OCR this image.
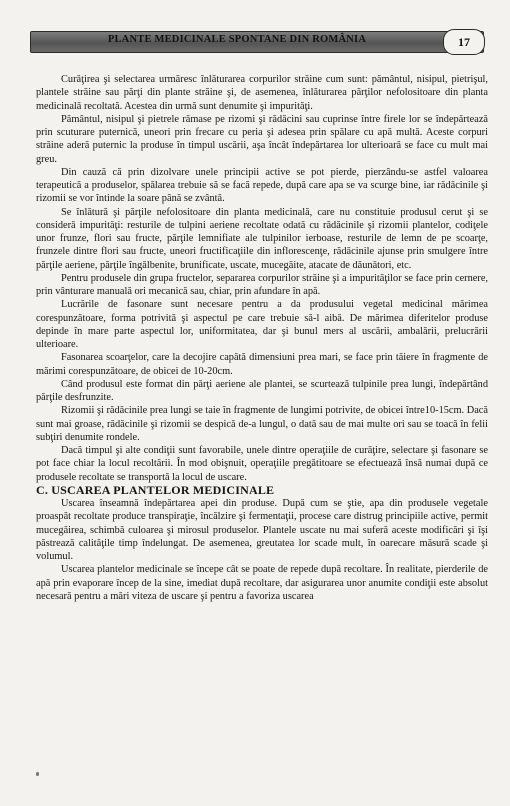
PLANTE MEDICINALE SPONTANE DIN ROMÂNIA	17

Curăţirea şi selectarea urmăresc înlăturarea corpurilor străine cum sunt: pământul, nisipul, pietrişul, plantele străine sau părţi din plante străine şi, de asemenea, înlăturarea părţilor nefolositoare din planta medicinală recoltată. Acestea din urmă sunt denumite şi impurităţi.

Pământul, nisipul şi pietrele rămase pe rizomi şi rădăcini sau cuprinse între firele lor se îndepărtează prin scuturare puternică, uneori prin frecare cu peria şi adesea prin spălare cu apă multă. Aceste corpuri străine aderă puternic la produse în timpul uscării, aşa încât îndepărtarea lor ulterioară se face cu mult mai greu.

Din cauză că prin dizolvare unele principii active se pot pierde, pierzându-se astfel valoarea terapeutică a produselor, spălarea trebuie să se facă repede, după care apa se va scurge bine, iar rădăcinile şi rizomii se vor întinde la soare până se zvântă.

Se înlătură şi părţile nefolositoare din planta medicinală, care nu constituie produsul cerut şi se consideră impurităţi: resturile de tulpini aeriene recoltate odată cu rădăcinile şi rizomii plantelor, codiţele unor frunze, flori sau fructe, părţile lemnifiate ale tulpinilor ierboase, resturile de lemn de pe scoarţe, frunzele dintre flori sau fructe, uneori fructificaţiile din inflorescenţe, rădăcinile ajunse prin smulgere între părţile aeriene, părţile îngălbenite, brunificate, uscate, mucegăite, atacate de dăunători, etc.

Pentru produsele din grupa fructelor, separarea corpurilor străine şi a impurităţilor se face prin cernere, prin vânturare manuală ori mecanică sau, chiar, prin afundare în apă.

Lucrările de fasonare sunt necesare pentru a da produsului vegetal medicinal mărimea corespunzătoare, forma potrivită şi aspectul pe care trebuie să-l aibă. De mărimea diferitelor produse depinde în mare parte aspectul lor, uniformitatea, dar şi bunul mers al uscării, ambalării, prelucrării ulterioare.

Fasonarea scoarţelor, care la decojire capătă dimensiuni prea mari, se face prin tăiere în fragmente de mărimi corespunzătoare, de obicei de 10-20cm.

Când produsul este format din părţi aeriene ale plantei, se scurtează tulpinile prea lungi, îndepărtând părţile desfrunzite.

Rizomii şi rădăcinile prea lungi se taie în fragmente de lungimi potrivite, de obicei între10-15cm. Dacă sunt mai groase, rădăcinile şi rizomii se despică de-a lungul, o dată sau de mai multe ori sau se toacă în felii subţiri denumite rondele.

Dacă timpul şi alte condiţii sunt favorabile, unele dintre operaţiile de curăţire, selectare şi fasonare se pot face chiar la locul recoltării. În mod obişnuit, operaţiile pregătitoare se efectuează însă numai după ce produsele recoltate se transportă la locul de uscare.

C. USCAREA PLANTELOR MEDICINALE

Uscarea înseamnă îndepărtarea apei din produse. După cum se ştie, apa din produsele vegetale proaspăt recoltate produce transpiraţie, încălzire şi fermentaţii, procese care distrug principiile active, permit mucegăirea, schimbă culoarea şi mirosul produselor. Plantele uscate nu mai suferă aceste modificări şi îşi păstrează calităţile timp îndelungat. De asemenea, greutatea lor scade mult, în oarecare măsură scade şi volumul.

Uscarea plantelor medicinale se începe cât se poate de repede după recoltare. În realitate, pierderile de apă prin evaporare încep de la sine, imediat după recoltare, dar asigurarea unor anumite condiţii este absolut necesară pentru a mări viteza de uscare şi pentru a favoriza uscarea
